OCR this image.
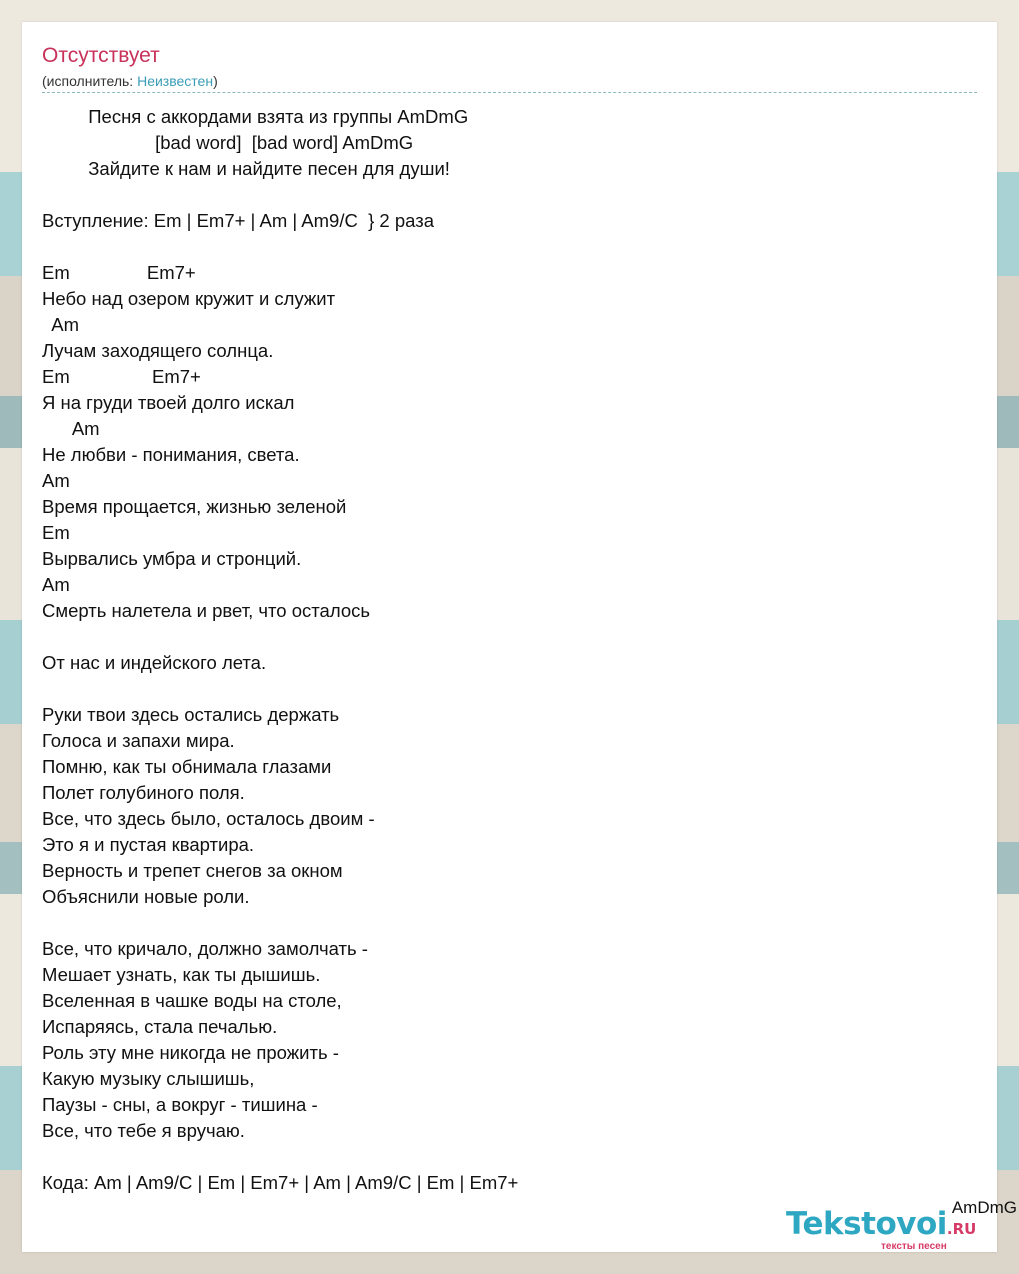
Отсутствует
(исполнитель: Неизвестен)
Песня с аккордами взята из группы AmDmG
[bad word]  [bad word] AmDmG
Зайдите к нам и найдите песен для души!

Вступление: Em | Em7+ | Am | Am9/C  } 2 раза

Em               Em7+
Небо над озером кружит и служит
Am
Лучам заходящего солнца.
Em                Em7+
Я на груди твоей долго искал
Am
Не любви - понимания, света.
Am
Время прощается, жизнью зеленой
Em
Вырвались умбра и стронций.
Am
Смерть налетела и рвет, что осталось

От нас и индейского лета.

Руки твои здесь остались держать
Голоса и запахи мира.
Помню, как ты обнимала глазами
Полет голубиного поля.
Все, что здесь было, осталось двоим -
Это я и пустая квартира.
Верность и трепет снегов за окном
Объяснили новые роли.

Все, что кричало, должно замолчать -
Мешает узнать, как ты дышишь.
Вселенная в чашке воды на столе,
Испаряясь, стала печалью.
Роль эту мне никогда не прожить -
Какую музыку слышишь,
Паузы - сны, а вокруг - тишина -
Все, что тебе я вручаю.

Кода: Am | Am9/C | Em | Em7+ | Am | Am9/C | Em | Em7+
AmDmG
Tekstovoi.RU
тексты песен
